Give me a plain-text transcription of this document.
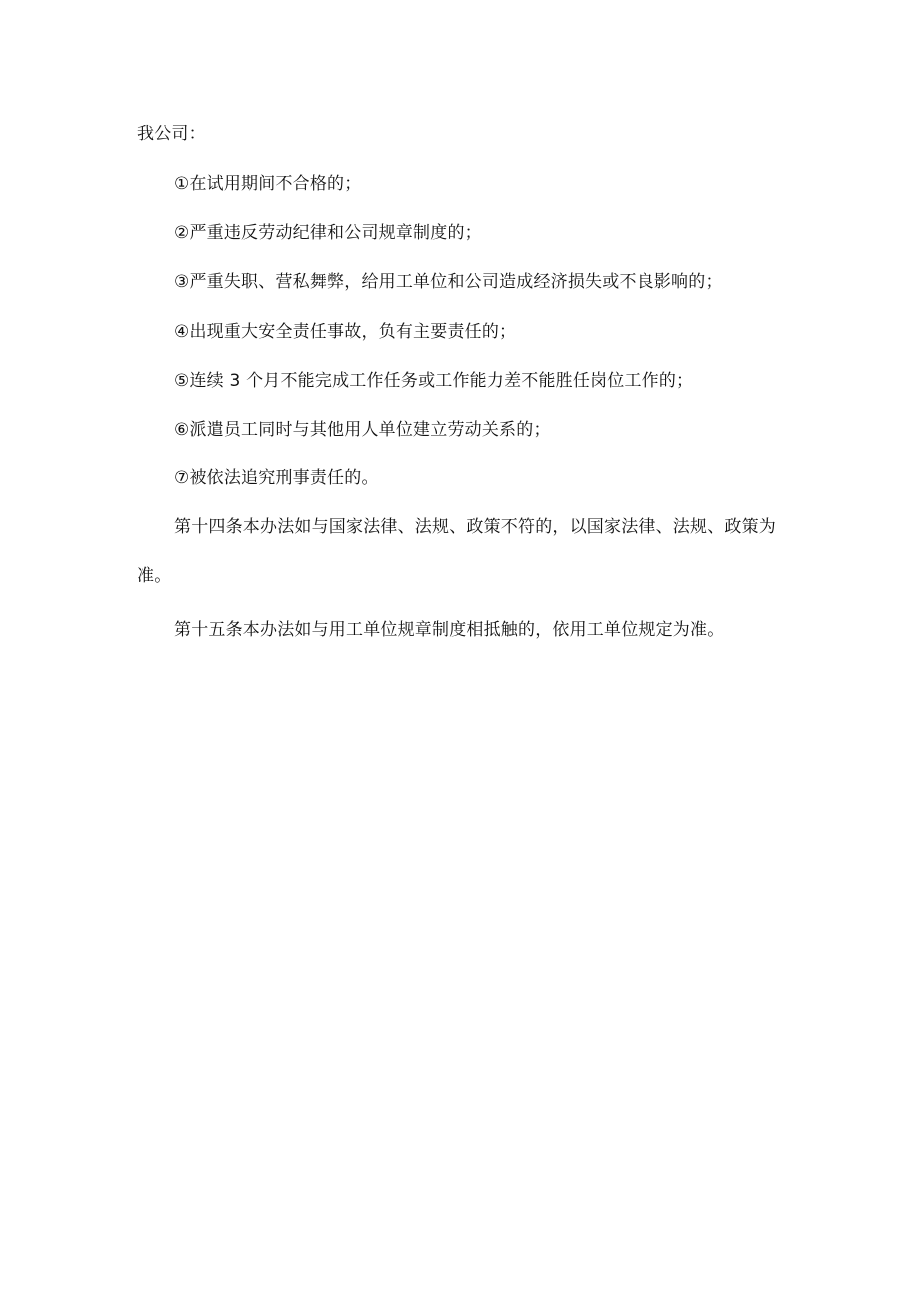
我公司：
①在试用期间不合格的；
②严重违反劳动纪律和公司规章制度的；
③严重失职、营私舞弊，给用工单位和公司造成经济损失或不良影响的；
④出现重大安全责任事故，负有主要责任的；
⑤连续 3 个月不能完成工作任务或工作能力差不能胜任岗位工作的；
⑥派遣员工同时与其他用人单位建立劳动关系的；
⑦被依法追究刑事责任的。
第十四条本办法如与国家法律、法规、政策不符的，以国家法律、法规、政策为
准。
第十五条本办法如与用工单位规章制度相抵触的，依用工单位规定为准。
